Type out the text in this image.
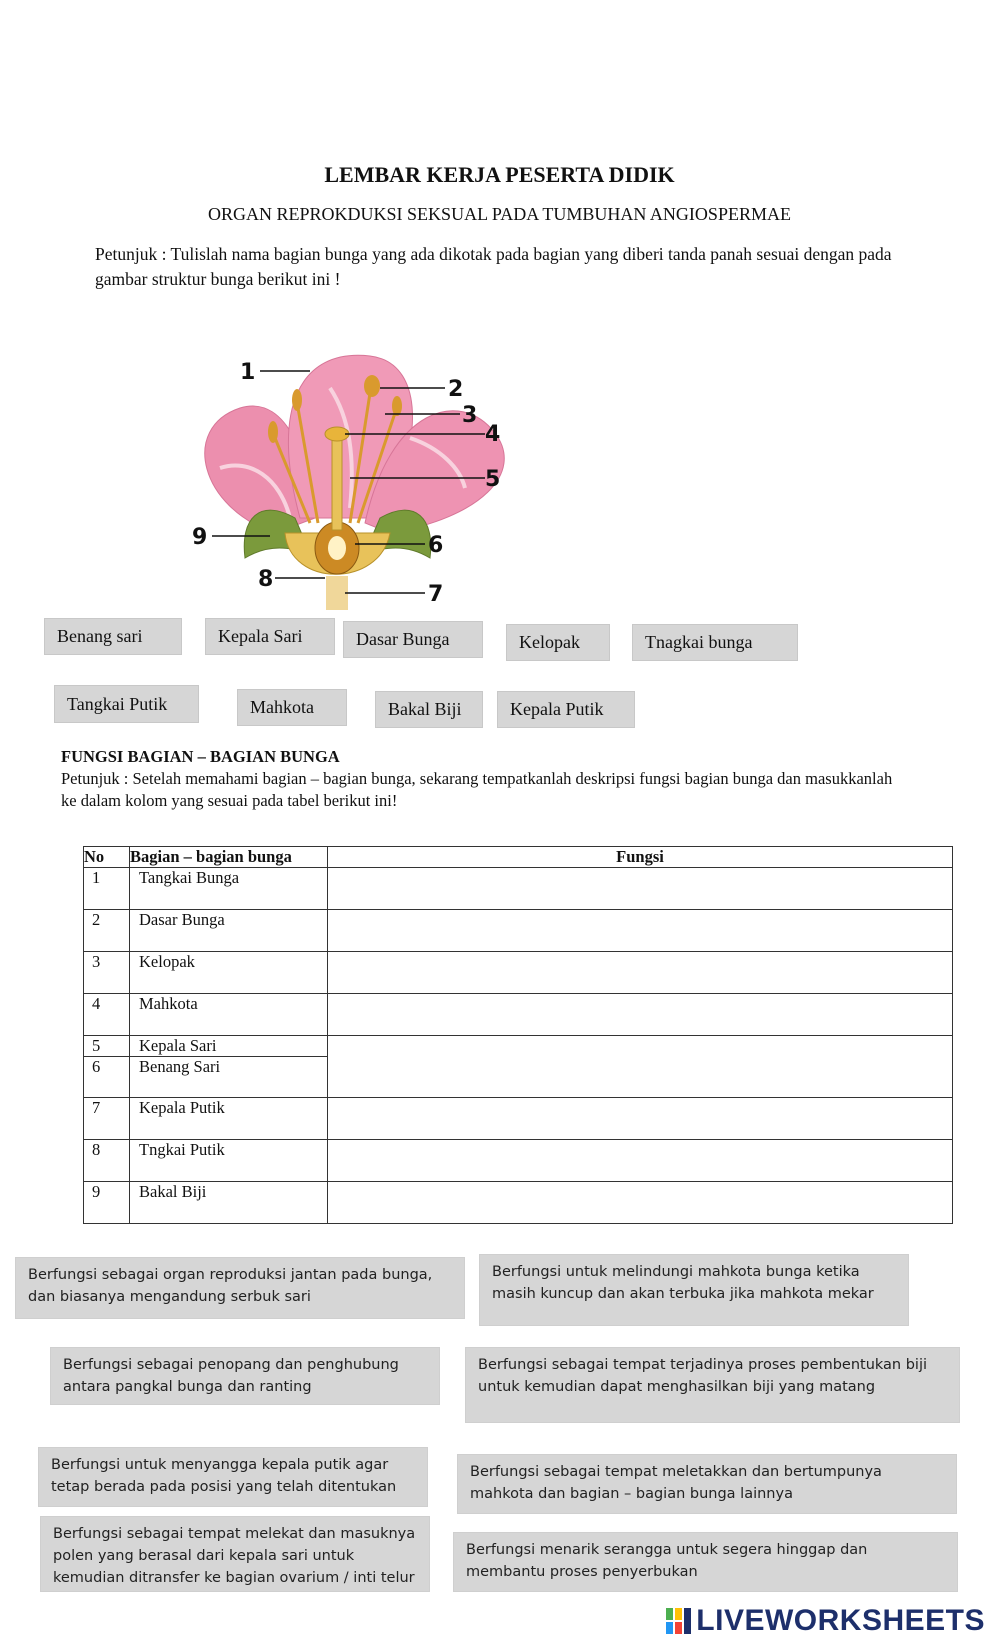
LEMBAR KERJA PESERTA DIDIK
ORGAN REPROKDUKSI SEKSUAL PADA TUMBUHAN ANGIOSPERMAE
Petunjuk : Tulislah nama bagian bunga yang ada dikotak pada bagian yang diberi tanda panah sesuai dengan pada gambar struktur bunga berikut ini !
1
2
3
4
5
6
7
8
9
Benang sari	Kepala Sari	Dasar Bunga	Kelopak	Tnagkai bunga
Tangkai Putik	Mahkota	Bakal Biji	Kepala Putik
FUNGSI BAGIAN – BAGIAN BUNGA
Petunjuk : Setelah memahami bagian – bagian bunga, sekarang tempatkanlah deskripsi fungsi bagian bunga dan masukkanlah ke dalam kolom yang sesuai pada tabel berikut ini!
No	Bagian – bagian bunga	Fungsi
1	Tangkai Bunga	
2	Dasar Bunga	
3	Kelopak	
4	Mahkota	
5	Kepala Sari	
6	Benang Sari	
7	Kepala Putik	
8	Tngkai Putik	
9	Bakal Biji	
Berfungsi sebagai organ reproduksi jantan pada bunga, dan biasanya mengandung serbuk sari
Berfungsi untuk melindungi mahkota bunga ketika masih kuncup dan akan terbuka jika mahkota mekar
Berfungsi sebagai penopang dan penghubung antara pangkal bunga dan ranting
Berfungsi sebagai tempat terjadinya proses pembentukan biji untuk kemudian dapat menghasilkan biji yang matang
Berfungsi untuk menyangga kepala putik agar tetap berada pada posisi yang telah ditentukan
Berfungsi sebagai tempat meletakkan dan bertumpunya mahkota dan bagian – bagian bunga lainnya
Berfungsi sebagai tempat melekat dan masuknya polen yang berasal dari kepala sari untuk kemudian ditransfer ke bagian ovarium / inti telur
Berfungsi menarik serangga untuk segera hinggap dan membantu proses penyerbukan
LIVEWORKSHEETS
